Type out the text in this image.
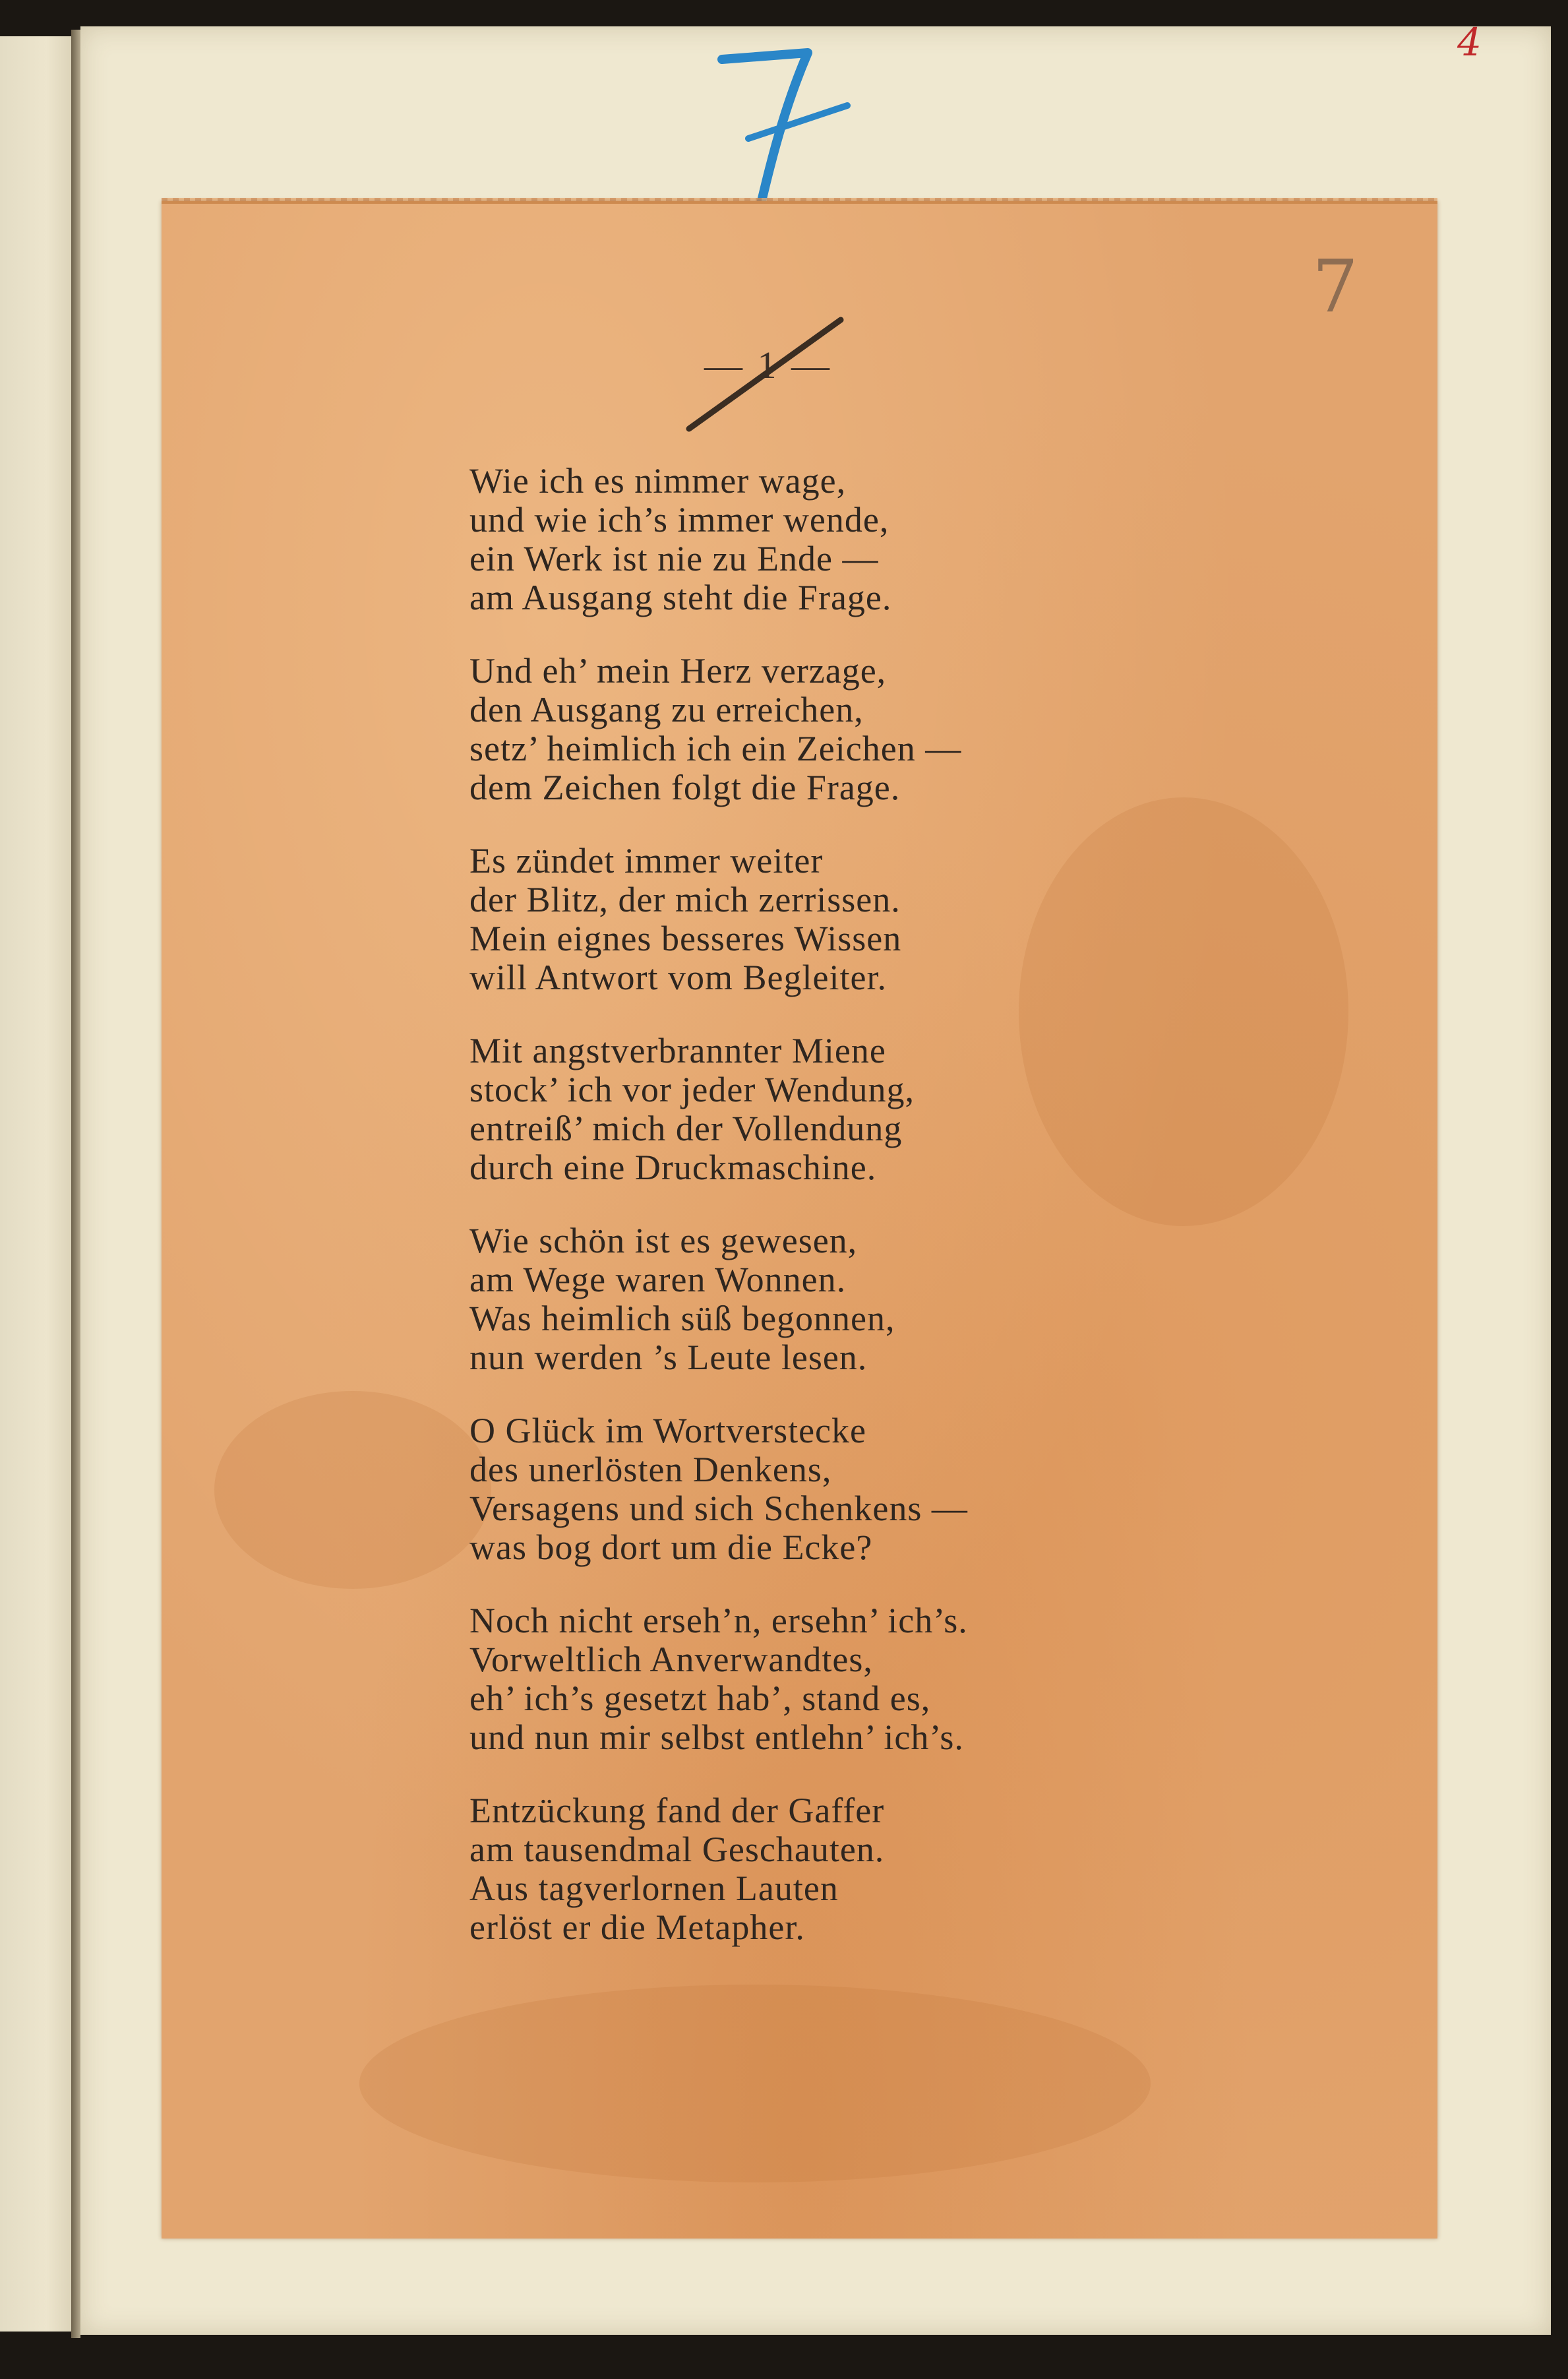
4
7
— 1 —
Wie ich es nimmer wage,
und wie ich’s immer wende,
ein Werk ist nie zu Ende —
am Ausgang steht die Frage.
Und eh’ mein Herz verzage,
den Ausgang zu erreichen,
setz’ heimlich ich ein Zeichen —
dem Zeichen folgt die Frage.
Es zündet immer weiter
der Blitz, der mich zerrissen.
Mein eignes besseres Wissen
will Antwort vom Begleiter.
Mit angstverbrannter Miene
stock’ ich vor jeder Wendung,
entreiß’ mich der Vollendung
durch eine Druckmaschine.
Wie schön ist es gewesen,
am Wege waren Wonnen.
Was heimlich süß begonnen,
nun werden ’s Leute lesen.
O Glück im Wortverstecke
des unerlösten Denkens,
Versagens und sich Schenkens —
was bog dort um die Ecke?
Noch nicht erseh’n, ersehn’ ich’s.
Vorweltlich Anverwandtes,
eh’ ich’s gesetzt hab’, stand es,
und nun mir selbst entlehn’ ich’s.
Entzückung fand der Gaffer
am tausendmal Geschauten.
Aus tagverlornen Lauten
erlöst er die Metapher.
